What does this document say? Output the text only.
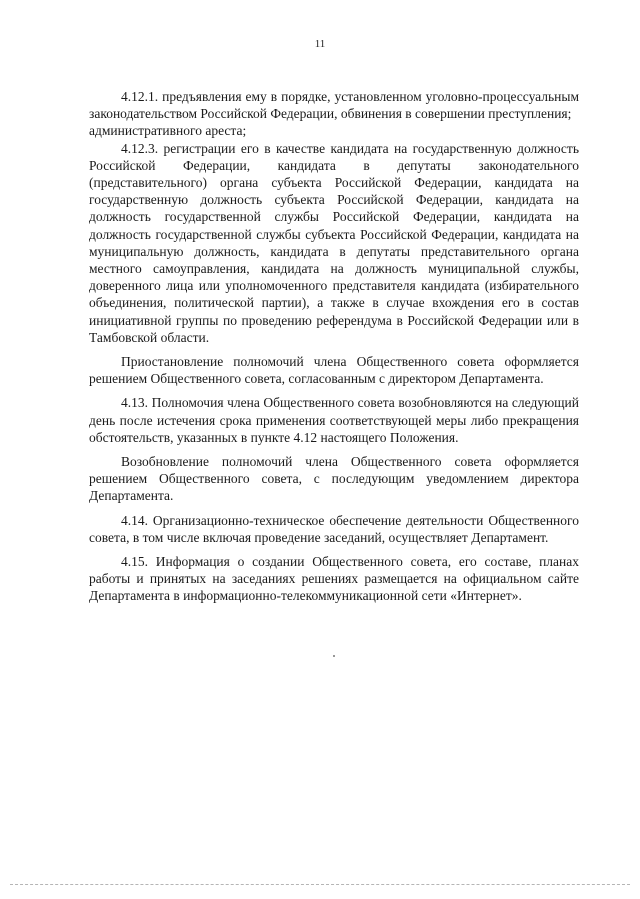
11

4.12.1. предъявления ему в порядке, установленном уголовно-процессуальным законодательством Российской Федерации, обвинения в совершении преступления;

административного ареста;

4.12.3. регистрации его в качестве кандидата на государственную должность Российской Федерации, кандидата в депутаты законодательного (представительного) органа субъекта Российской Федерации, кандидата на государственную должность субъекта Российской Федерации, кандидата на должность государственной службы Российской Федерации, кандидата на должность государственной службы субъекта Российской Федерации, кандидата на муниципальную должность, кандидата в депутаты представительного органа местного самоуправления, кандидата на должность муниципальной службы, доверенного лица или уполномоченного представителя кандидата (избирательного объединения, политической партии), а также в случае вхождения его в состав инициативной группы по проведению референдума в Российской Федерации или в Тамбовской области.

Приостановление полномочий члена Общественного совета оформляется решением Общественного совета, согласованным с директором Департамента.

4.13. Полномочия члена Общественного совета возобновляются на следующий день после истечения срока применения соответствующей меры либо прекращения обстоятельств, указанных в пункте 4.12 настоящего Положения.

Возобновление полномочий члена Общественного совета оформляется решением Общественного совета, с последующим уведомлением директора Департамента.

4.14. Организационно-техническое обеспечение деятельности Общественного совета, в том числе включая проведение заседаний, осуществляет Департамент.

4.15. Информация о создании Общественного совета, его составе, планах работы и принятых на заседаниях решениях размещается на официальном сайте Департамента в информационно-телекоммуникационной сети «Интернет».
